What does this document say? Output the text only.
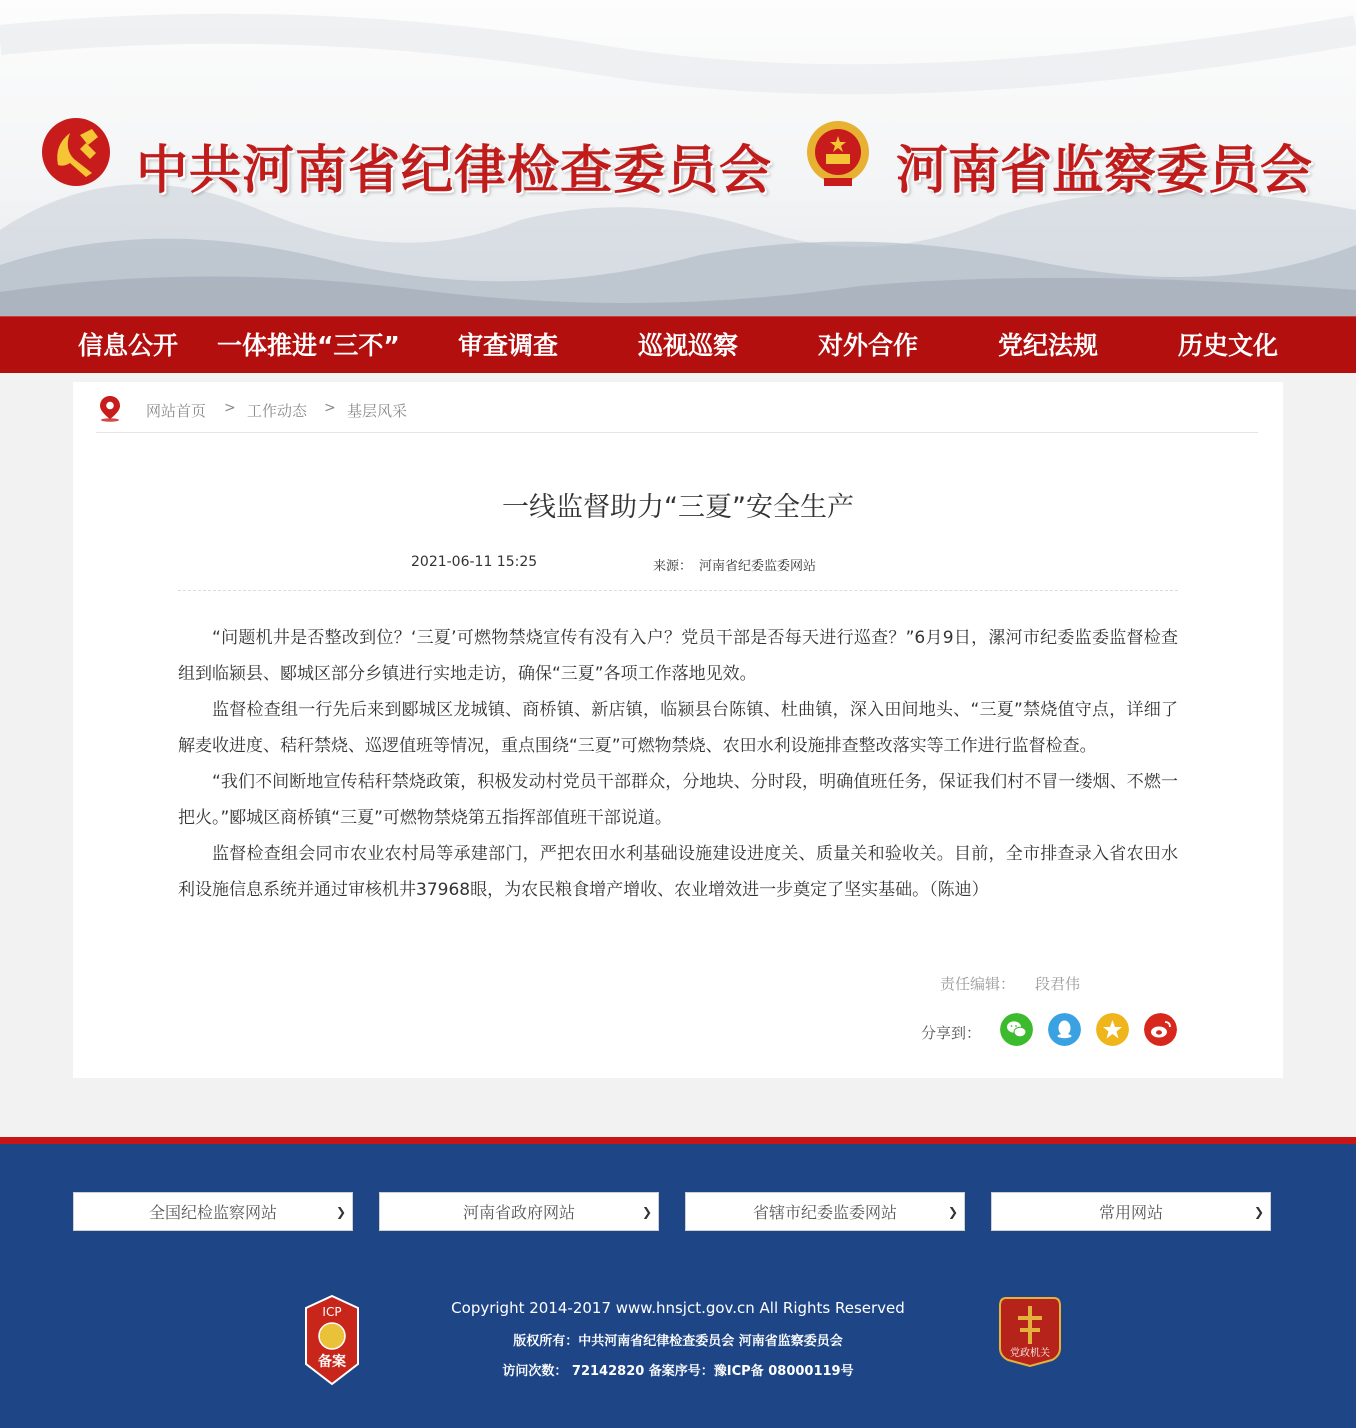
中共河南省纪律检查委员会 河南省监察委员会
信息公开 一体推进“三不” 审查调查	巡视巡察	对外合作	党纪法规	历史文化
网站首页 > 工作动态 > 基层风采
一线监督助力“三夏”安全生产
2021-06-11 15:25	来源： 河南省纪委监委网站

“问题机井是否整改到位？‘三夏’可燃物禁烧宣传有没有入户？党员干部是否每天进行巡查？”6月9日，漯河市纪委监委监督检查组到临颍县、郾城区部分乡镇进行实地走访，确保“三夏”各项工作落地见效。

监督检查组一行先后来到郾城区龙城镇、商桥镇、新店镇，临颍县台陈镇、杜曲镇，深入田间地头、“三夏”禁烧值守点，详细了解麦收进度、秸秆禁烧、巡逻值班等情况，重点围绕“三夏”可燃物禁烧、农田水利设施排查整改落实等工作进行监督检查。

“我们不间断地宣传秸秆禁烧政策，积极发动村党员干部群众，分地块、分时段，明确值班任务，保证我们村不冒一缕烟、不燃一把火。”郾城区商桥镇“三夏”可燃物禁烧第五指挥部值班干部说道。

监督检查组会同市农业农村局等承建部门，严把农田水利基础设施建设进度关、质量关和验收关。目前，全市排查录入省农田水利设施信息系统并通过审核机井37968眼，为农民粮食增产增收、农业增效进一步奠定了坚实基础。（陈迪）

责任编辑： 段君伟
分享到：
全国纪检监察网站	❯	河南省政府网站	❯	省辖市纪委监委网站	❯	常用网站	❯
ICP
备案
Copyright 2014-2017 www.hnsjct.gov.cn All Rights Reserved
版权所有：中共河南省纪律检查委员会 河南省监察委员会
访问次数： 72142820 备案序号：豫ICP备 08000119号
党政机关
